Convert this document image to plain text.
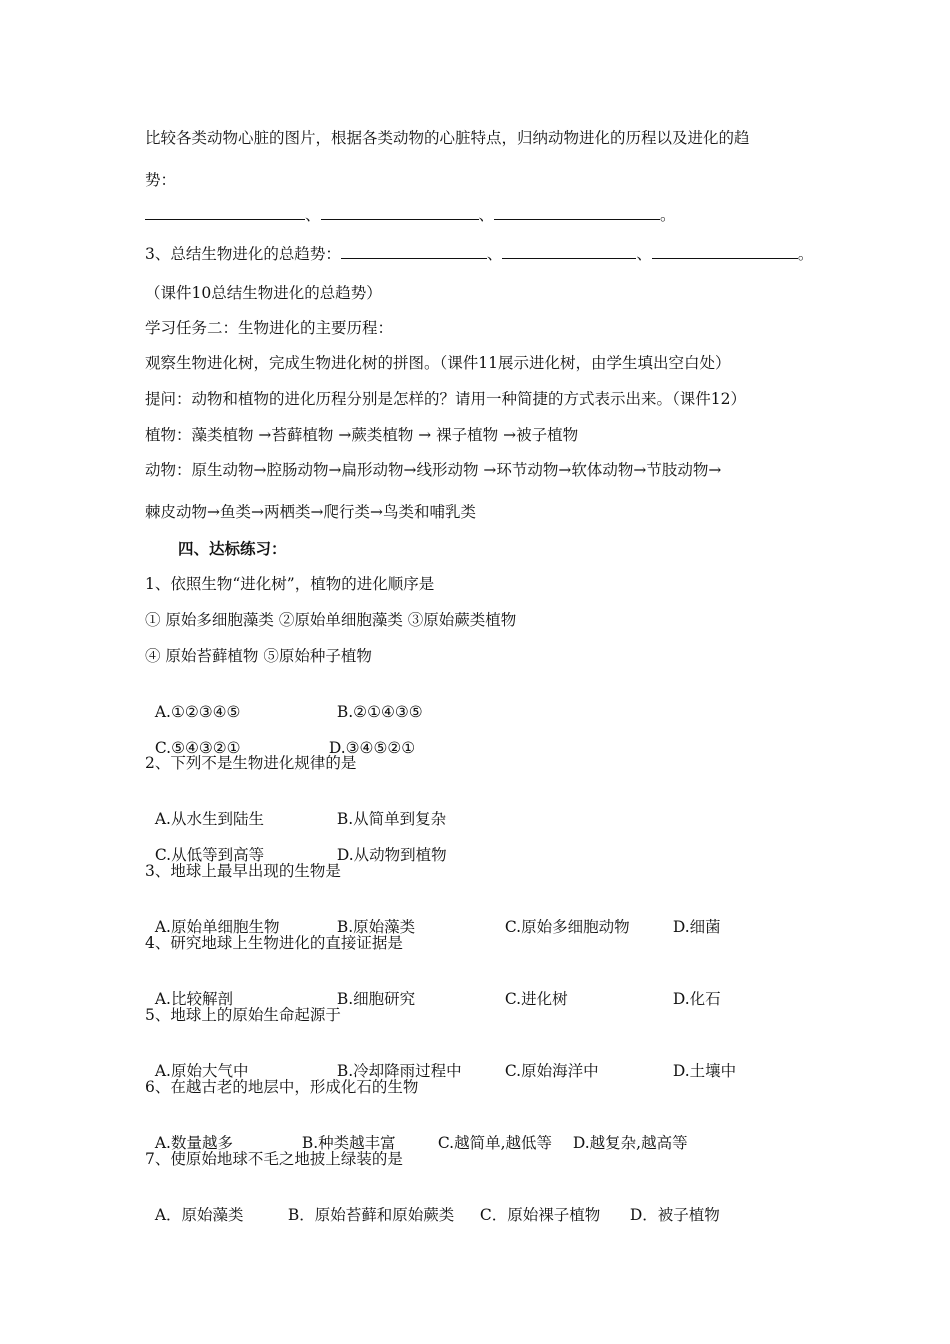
比较各类动物心脏的图片，根据各类动物的心脏特点，归纳动物进化的历程以及进化的趋
势：
、	、	。
3、总结生物进化的总趋势：	、	、	。
（课件10总结生物进化的总趋势）
学习任务二：生物进化的主要历程：
观察生物进化树，完成生物进化树的拼图。（课件11展示进化树，由学生填出空白处）
提问：动物和植物的进化历程分别是怎样的？请用一种简捷的方式表示出来。（课件12）
植物：藻类植物 →苔藓植物 →蕨类植物 → 裸子植物 →被子植物
动物：原生动物→腔肠动物→扁形动物→线形动物 →环节动物→软体动物→节肢动物→
棘皮动物→鱼类→两栖类→爬行类→鸟类和哺乳类
四、达标练习：
1、依照生物“进化树”，植物的进化顺序是
① 原始多细胞藻类 ②原始单细胞藻类 ③原始蕨类植物
④ 原始苔藓植物 ⑤原始种子植物

A.①②③④⑤	B.②①④③⑤

C.⑤④③②①	D.③④⑤②①

2、下列不是生物进化规律的是

A.从水生到陆生	B.从简单到复杂

C.从低等到高等	D.从动物到植物

3、地球上最早出现的生物是

A.原始单细胞生物	B.原始藻类	C.原始多细胞动物	D.细菌

4、研究地球上生物进化的直接证据是

A.比较解剖	B.细胞研究	C.进化树	D.化石

5、地球上的原始生命起源于

A.原始大气中	B.冷却降雨过程中	C.原始海洋中	D.土壤中

6、在越古老的地层中，形成化石的生物

A.数量越多	B.种类越丰富	C.越简单,越低等 D.越复杂,越高等

7、使原始地球不毛之地披上绿装的是

A．原始藻类	B．原始苔藓和原始蕨类 C．原始裸子植物 D．被子植物
